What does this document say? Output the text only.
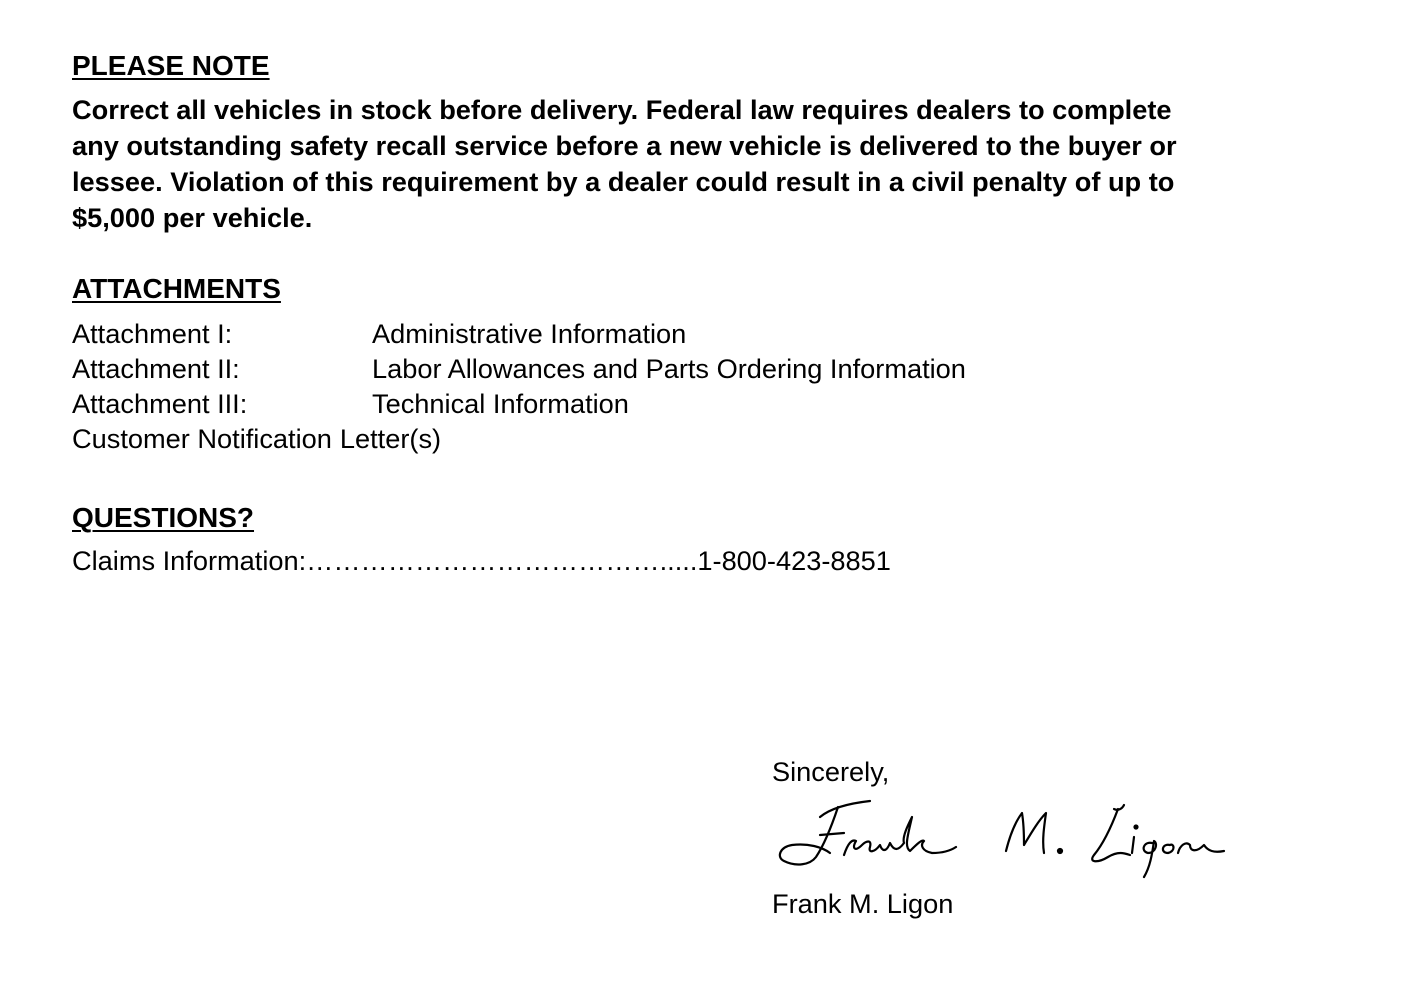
PLEASE NOTE

Correct all vehicles in stock before delivery. Federal law requires dealers to complete
any outstanding safety recall service before a new vehicle is delivered to the buyer or
lessee. Violation of this requirement by a dealer could result in a civil penalty of up to
$5,000 per vehicle.

ATTACHMENTS
Attachment I:	Administrative Information
Attachment II:	Labor Allowances and Parts Ordering Information
Attachment III:	Technical Information
Customer Notification Letter(s)
QUESTIONS?
Claims Information:………………………………….....1-800-423-8851
Sincerely,
Frank M. Ligon
